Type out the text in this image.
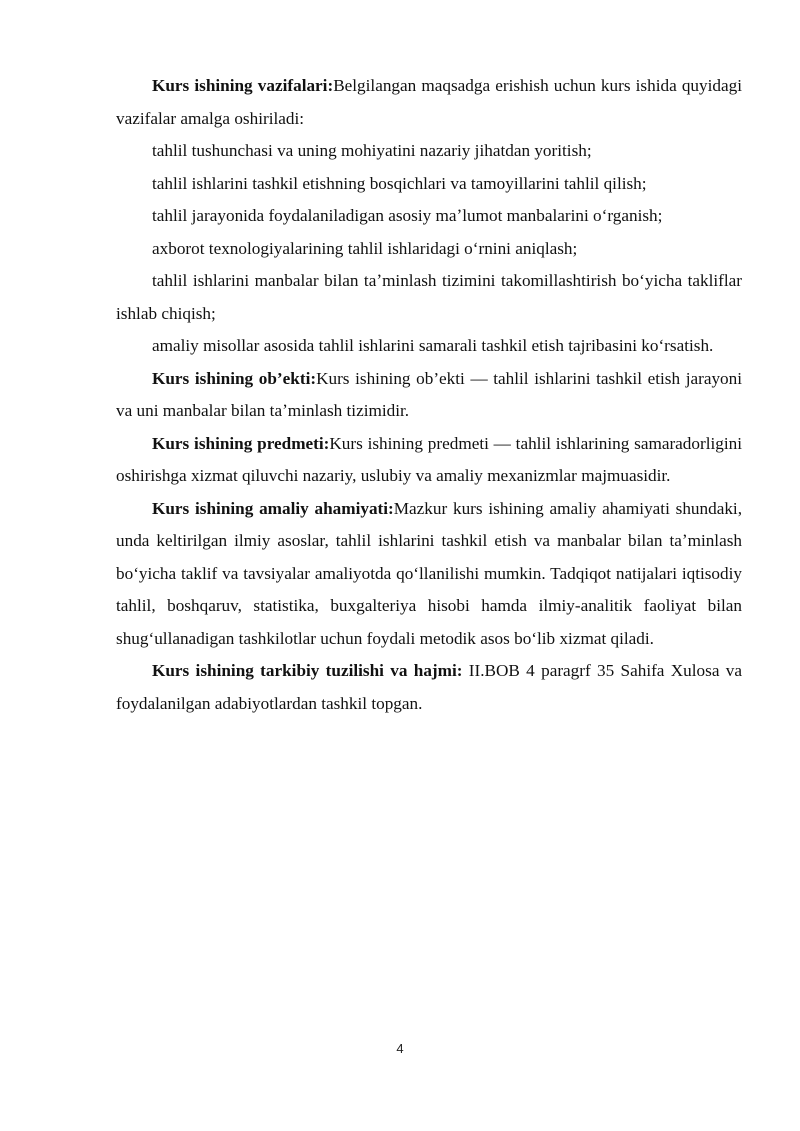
Kurs ishining vazifalari:Belgilangan maqsadga erishish uchun kurs ishida quyidagi vazifalar amalga oshiriladi:

tahlil tushunchasi va uning mohiyatini nazariy jihatdan yoritish;

tahlil ishlarini tashkil etishning bosqichlari va tamoyillarini tahlil qilish;

tahlil jarayonida foydalaniladigan asosiy maʼlumot manbalarini oʻrganish;

axborot texnologiyalarining tahlil ishlaridagi oʻrnini aniqlash;

tahlil ishlarini manbalar bilan taʼminlash tizimini takomillashtirish boʻyicha takliflar ishlab chiqish;

amaliy misollar asosida tahlil ishlarini samarali tashkil etish tajribasini koʻrsatish.

Kurs ishining ob’ekti:Kurs ishining ob’ekti — tahlil ishlarini tashkil etish jarayoni va uni manbalar bilan taʼminlash tizimidir.

Kurs ishining predmeti:Kurs ishining predmeti — tahlil ishlarining samaradorligini oshirishga xizmat qiluvchi nazariy, uslubiy va amaliy mexanizmlar majmuasidir.

Kurs ishining amaliy ahamiyati:Mazkur kurs ishining amaliy ahamiyati shundaki, unda keltirilgan ilmiy asoslar, tahlil ishlarini tashkil etish va manbalar bilan taʼminlash boʻyicha taklif va tavsiyalar amaliyotda qoʻllanilishi mumkin. Tadqiqot natijalari iqtisodiy tahlil, boshqaruv, statistika, buxgalteriya hisobi hamda ilmiy-analitik faoliyat bilan shugʻullanadigan tashkilotlar uchun foydali metodik asos boʻlib xizmat qiladi.

Kurs ishining tarkibiy tuzilishi va hajmi: II.BOB 4 paragrf 35 Sahifa Xulosa va foydalanilgan adabiyotlardan tashkil topgan.

4
